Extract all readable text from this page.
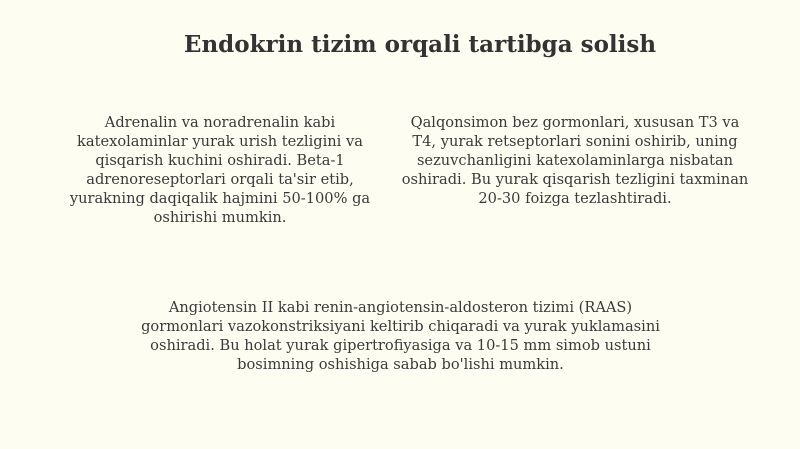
Endokrin tizim orqali tartibga solish

Adrenalin va noradrenalin kabi katexolaminlar yurak urish tezligini va qisqarish kuchini oshiradi. Beta-1 adrenoreseptorlari orqali ta'sir etib, yurakning daqiqalik hajmini 50-100% ga oshirishi mumkin.

Qalqonsimon bez gormonlari, xususan T3 va T4, yurak retseptorlari sonini oshirib, uning sezuvchanligini katexolaminlarga nisbatan oshiradi. Bu yurak qisqarish tezligini taxminan 20-30 foizga tezlashtiradi.

Angiotensin II kabi renin-angiotensin-aldosteron tizimi (RAAS) gormonlari vazokonstriksiyani keltirib chiqaradi va yurak yuklamasini oshiradi. Bu holat yurak gipertrofiyasiga va 10-15 mm simob ustuni bosimning oshishiga sabab bo'lishi mumkin.
